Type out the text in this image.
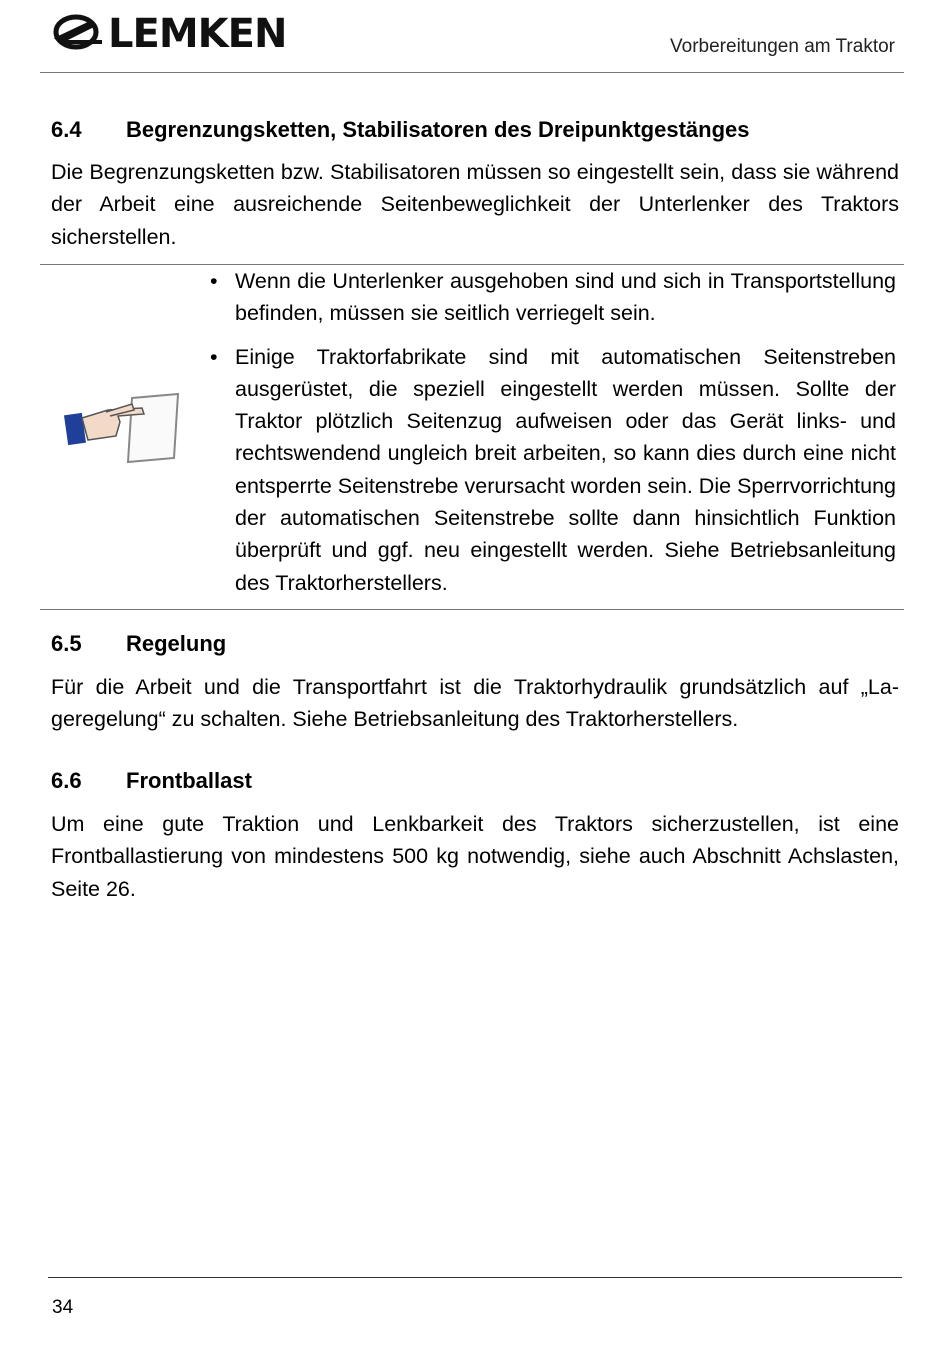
LEMKEN	Vorbereitungen am Traktor
6.4 Begrenzungsketten, Stabilisatoren des Dreipunktgestänges

Die Begrenzungsketten bzw. Stabilisatoren müssen so eingestellt sein, dass sie während der Arbeit eine ausreichende Seitenbeweglichkeit der Unterlenker des Traktors sicherstellen.

• Wenn die Unterlenker ausgehoben sind und sich in Transportstellung befinden, müssen sie seitlich verriegelt sein.
• Einige Traktorfabrikate sind mit automatischen Seitenstreben ausgerüstet, die speziell eingestellt werden müssen. Sollte der Traktor plötzlich Seitenzug aufweisen oder das Gerät links- und rechtswendend ungleich breit arbeiten, so kann dies durch eine nicht entsperrte Seitenstrebe verursacht worden sein. Die Sperrvorrichtung der automatischen Seitenstrebe sollte dann hinsichtlich Funktion überprüft und ggf. neu eingestellt werden. Siehe Betriebsanleitung des Traktorherstellers.
6.5 Regelung

Für die Arbeit und die Transportfahrt ist die Traktorhydraulik grundsätzlich auf „Lageregelung“ zu schalten. Siehe Betriebsanleitung des Traktorherstellers.

6.6 Frontballast

Um eine gute Traktion und Lenkbarkeit des Traktors sicherzustellen, ist eine Frontballastierung von mindestens 500 kg notwendig, siehe auch Abschnitt Achslasten, Seite 26.

34
